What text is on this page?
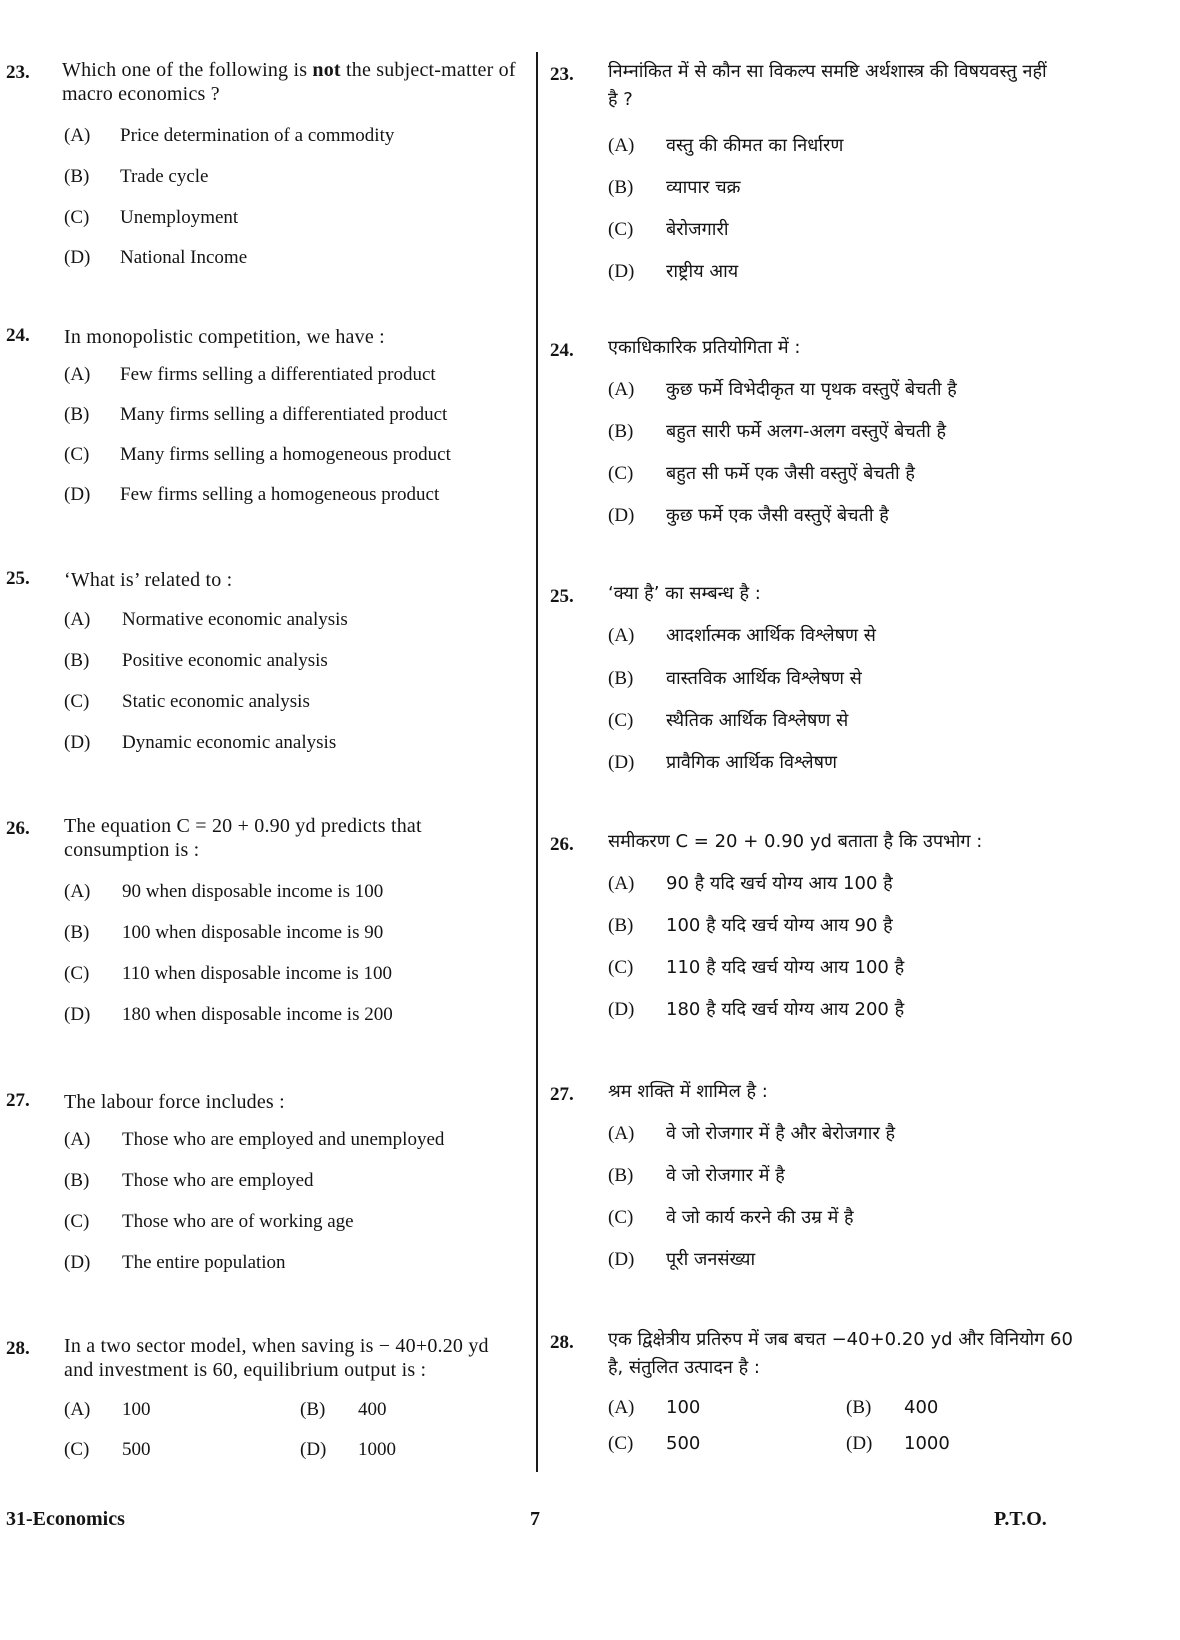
23. Which one of the following is not the subject-matter of macro economics ?
(A) Price determination of a commodity
(B) Trade cycle
(C) Unemployment
(D) National Income
24. In monopolistic competition, we have :
(A) Few firms selling a differentiated product
(B) Many firms selling a differentiated product
(C) Many firms selling a homogeneous product
(D) Few firms selling a homogeneous product
25. ‘What is’ related to :
(A) Normative economic analysis
(B) Positive economic analysis
(C) Static economic analysis
(D) Dynamic economic analysis
26. The equation C = 20 + 0.90 yd predicts that consumption is :
(A) 90 when disposable income is 100
(B) 100 when disposable income is 90
(C) 110 when disposable income is 100
(D) 180 when disposable income is 200
27. The labour force includes :
(A) Those who are employed and unemployed
(B) Those who are employed
(C) Those who are of working age
(D) The entire population
28. In a two sector model, when saving is − 40+0.20 yd and investment is 60, equilibrium output is :
(A) 100	(B) 400
(C) 500	(D) 1000
23. निम्नांकित में से कौन सा विकल्प समष्टि अर्थशास्त्र की विषयवस्तु नहीं है ?
(A) वस्तु की कीमत का निर्धारण
(B) व्यापार चक्र
(C) बेरोजगारी
(D) राष्ट्रीय आय
24. एकाधिकारिक प्रतियोगिता में :
(A) कुछ फर्मे विभेदीकृत या पृथक वस्तुऐं बेचती है
(B) बहुत सारी फर्मे अलग-अलग वस्तुऐं बेचती है
(C) बहुत सी फर्मे एक जैसी वस्तुऐं बेचती है
(D) कुछ फर्मे एक जैसी वस्तुऐं बेचती है
25. ‘क्या है’ का सम्बन्ध है :
(A) आदर्शात्मक आर्थिक विश्लेषण से
(B) वास्तविक आर्थिक विश्लेषण से
(C) स्थैतिक आर्थिक विश्लेषण से
(D) प्रावैगिक आर्थिक विश्लेषण
26. समीकरण C = 20 + 0.90 yd बताता है कि उपभोग :
(A) 90 है यदि खर्च योग्य आय 100 है
(B) 100 है यदि खर्च योग्य आय 90 है
(C) 110 है यदि खर्च योग्य आय 100 है
(D) 180 है यदि खर्च योग्य आय 200 है
27. श्रम शक्ति में शामिल है :
(A) वे जो रोजगार में है और बेरोजगार है
(B) वे जो रोजगार में है
(C) वे जो कार्य करने की उम्र में है
(D) पूरी जनसंख्या
28. एक द्विक्षेत्रीय प्रतिरुप में जब बचत −40+0.20 yd और विनियोग 60 है, संतुलित उत्पादन है :
(A) 100	(B) 400
(C) 500	(D) 1000
31-Economics	7	P.T.O.
